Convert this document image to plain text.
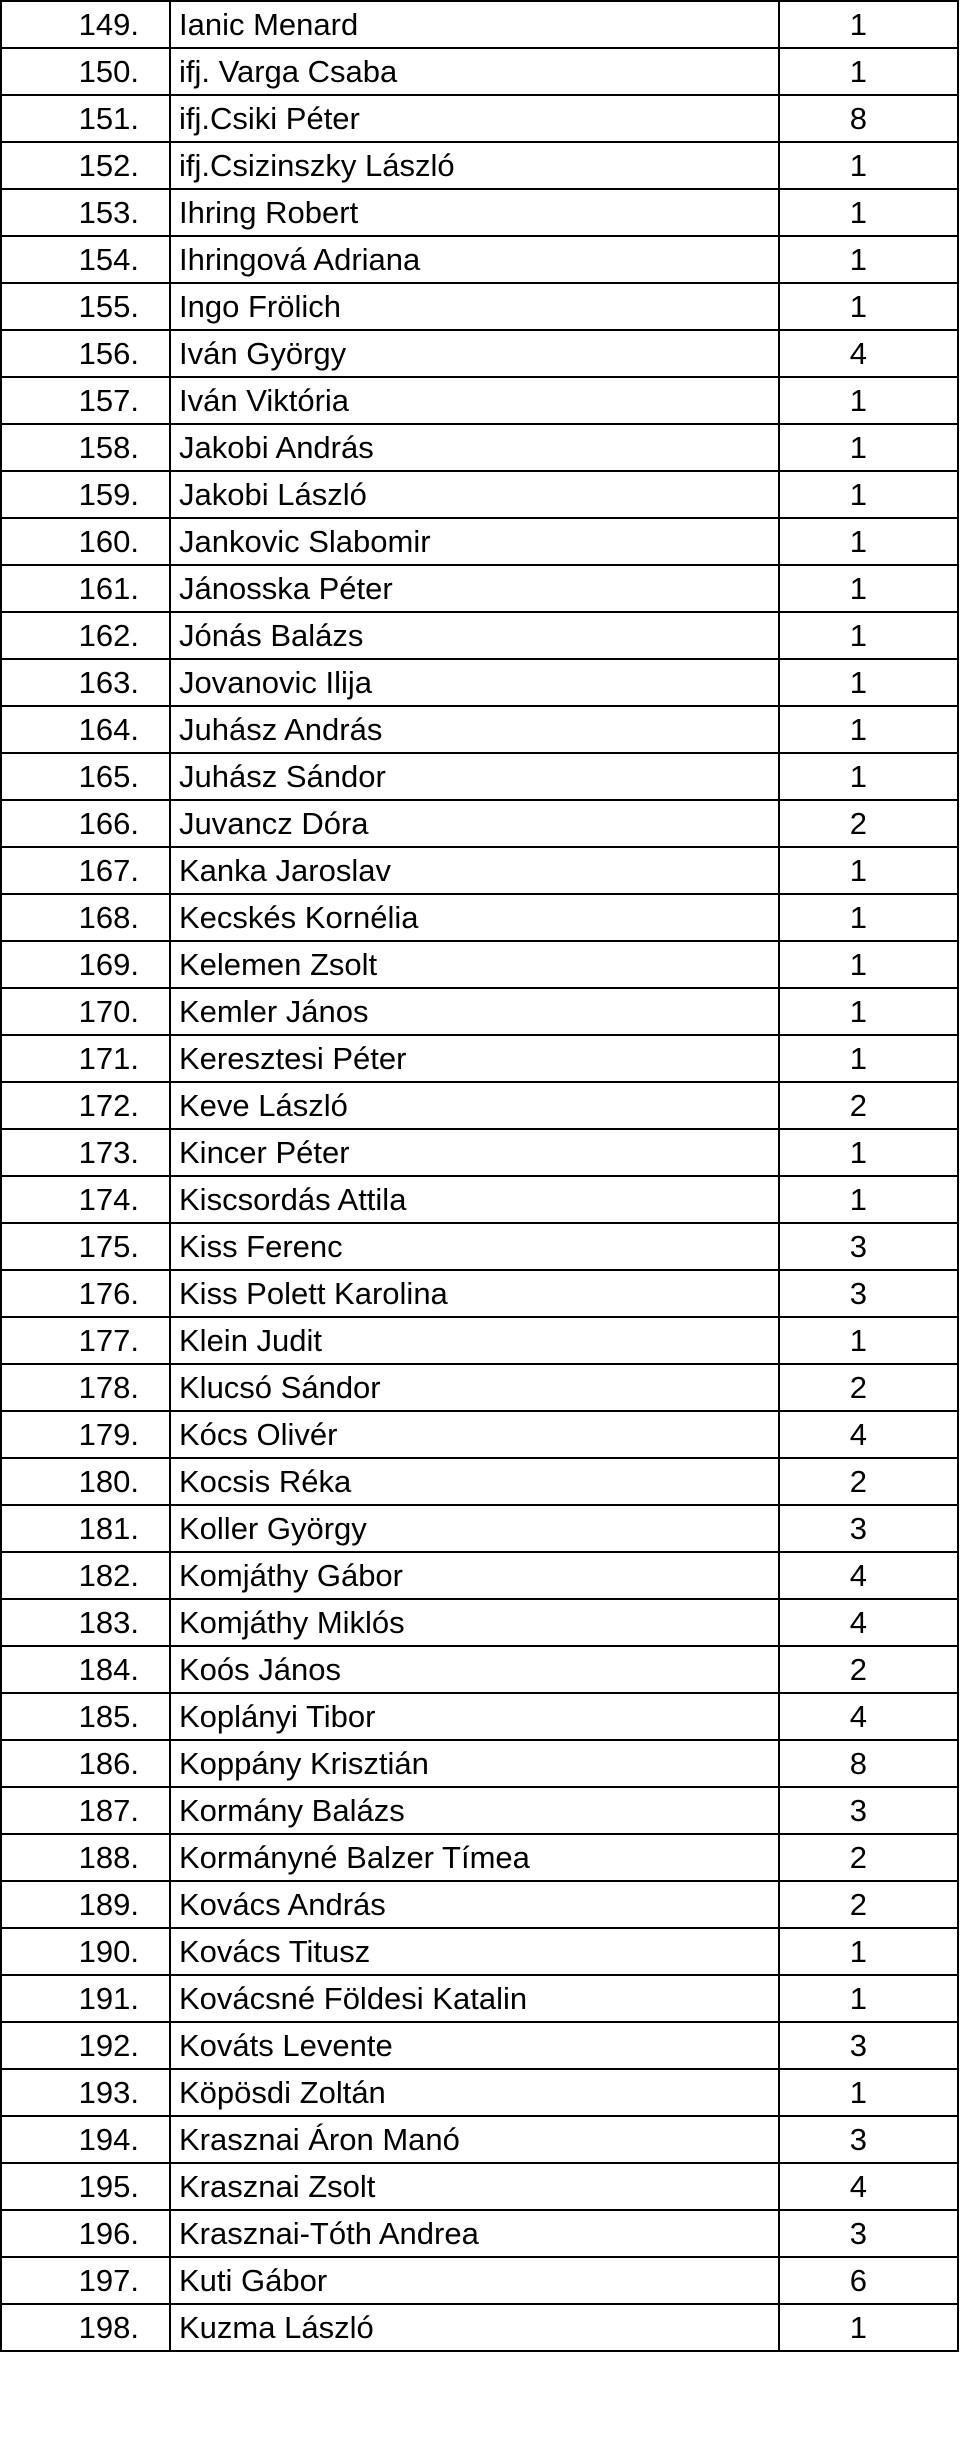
149.	Ianic Menard	1
150.	ifj. Varga Csaba	1
151.	ifj.Csiki Péter	8
152.	ifj.Csizinszky László	1
153.	Ihring Robert	1
154.	Ihringová Adriana	1
155.	Ingo Frölich	1
156.	Iván György	4
157.	Iván Viktória	1
158.	Jakobi András	1
159.	Jakobi László	1
160.	Jankovic Slabomir	1
161.	Jánosska Péter	1
162.	Jónás Balázs	1
163.	Jovanovic Ilija	1
164.	Juhász András	1
165.	Juhász Sándor	1
166.	Juvancz Dóra	2
167.	Kanka Jaroslav	1
168.	Kecskés Kornélia	1
169.	Kelemen Zsolt	1
170.	Kemler János	1
171.	Keresztesi Péter	1
172.	Keve László	2
173.	Kincer Péter	1
174.	Kiscsordás Attila	1
175.	Kiss Ferenc	3
176.	Kiss Polett Karolina	3
177.	Klein Judit	1
178.	Klucsó Sándor	2
179.	Kócs Olivér	4
180.	Kocsis Réka	2
181.	Koller György	3
182.	Komjáthy Gábor	4
183.	Komjáthy Miklós	4
184.	Koós János	2
185.	Koplányi Tibor	4
186.	Koppány Krisztián	8
187.	Kormány Balázs	3
188.	Kormányné Balzer Tímea	2
189.	Kovács András	2
190.	Kovács Titusz	1
191.	Kovácsné Földesi Katalin	1
192.	Kováts Levente	3
193.	Köpösdi Zoltán	1
194.	Krasznai Áron Manó	3
195.	Krasznai Zsolt	4
196.	Krasznai-Tóth Andrea	3
197.	Kuti Gábor	6
198.	Kuzma László	1
